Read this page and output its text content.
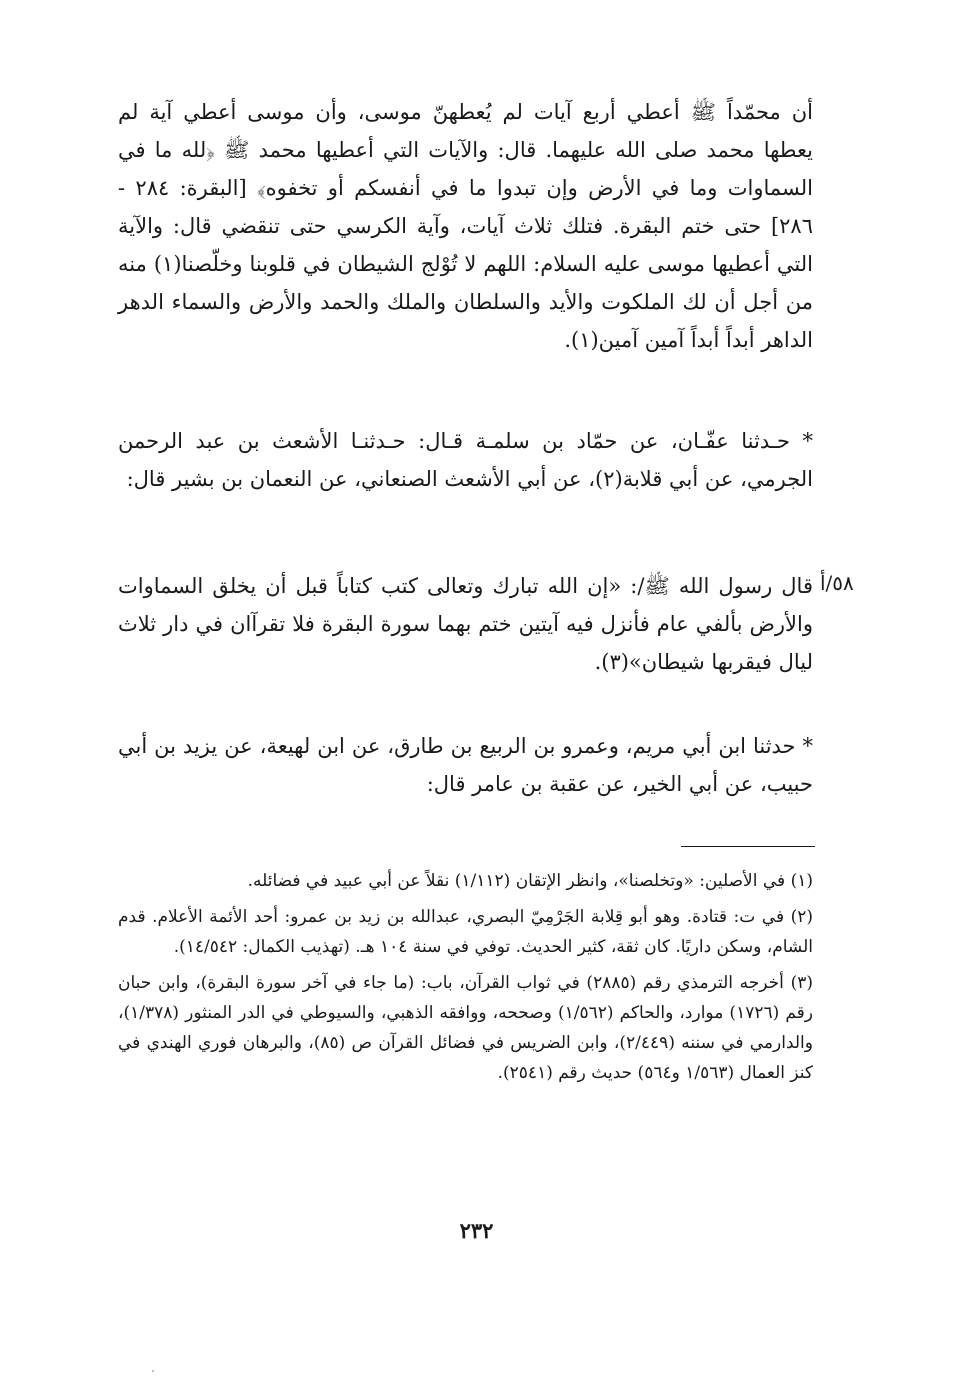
أن محمّداً ﷺ أعطي أربع آيات لم يُعطهنّ موسى، وأن موسى أعطي آية لم يعطها محمد صلى الله عليهما. قال: والآيات التي أعطيها محمد ﷺ ﴿لله ما في السماوات وما في الأرض وإن تبدوا ما في أنفسكم أو تخفوه﴾ [البقرة: ٢٨٤ - ٢٨٦] حتى ختم البقرة. فتلك ثلاث آيات، وآية الكرسي حتى تنقضي قال: والآية التي أعطيها موسى عليه السلام: اللهم لا تُوْلج الشيطان في قلوبنا وخلّصنا(١) منه من أجل أن لك الملكوت والأيد والسلطان والملك والحمد والأرض والسماء الدهر الداهر أبداً أبداً آمين آمين(١).

* حـدثنا عفّـان، عن حمّاد بن سلمـة قـال: حـدثنـا الأشعث بن عبد الرحمن الجرمي، عن أبي قلابة(٢)، عن أبي الأشعث الصنعاني، عن النعمان بن بشير قال:

٥٨/أ

قال رسول الله ﷺ/: «إن الله تبارك وتعالى كتب كتاباً قبل أن يخلق السماوات والأرض بألفي عام فأنزل فيه آيتين ختم بهما سورة البقرة فلا تقرآان في دار ثلاث ليال فيقربها شيطان»(٣).

* حدثنا ابن أبي مريم، وعمرو بن الربيع بن طارق، عن ابن لهيعة، عن يزيد بن أبي حبيب، عن أبي الخير، عن عقبة بن عامر قال:

(١) في الأصلين: «وتخلصنا»، وانظر الإتقان (١/١١٢) نقلاً عن أبي عبيد في فضائله.

(٢) في ت: قتادة. وهو أبو قِلابة الجَرْمِيّ البصري، عبدالله بن زيد بن عمرو: أحد الأئمة الأعلام. قدم الشام، وسكن داريًا. كان ثقة، كثير الحديث. توفي في سنة ١٠٤ هـ. (تهذيب الكمال: ١٤/٥٤٢).

(٣) أخرجه الترمذي رقم (٢٨٨٥) في ثواب القرآن، باب: (ما جاء في آخر سورة البقرة)، وابن حبان رقم (١٧٢٦) موارد، والحاكم (١/٥٦٢) وصححه، ووافقه الذهبي، والسيوطي في الدر المنثور (١/٣٧٨)، والدارمي في سننه (٢/٤٤٩)، وابن الضريس في فضائل القرآن ص (٨٥)، والبرهان فوري الهندي في كنز العمال (١/٥٦٣ و٥٦٤) حديث رقم (٢٥٤١).

٢٣٢
